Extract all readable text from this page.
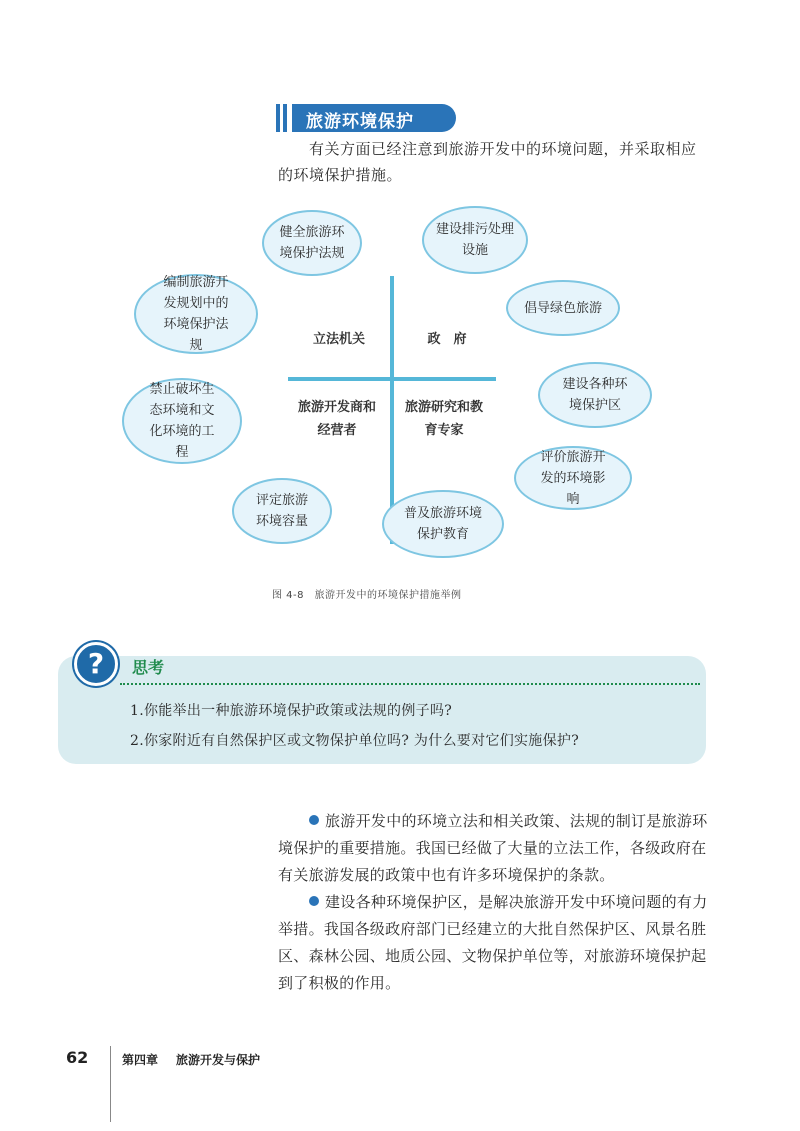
旅游环境保护

有关方面已经注意到旅游开发中的环境问题，并采取相应的环境保护措施。

立法机关	政　府
旅游开发商和经营者
旅游研究和教育专家
健全旅游环境保护法规
建设排污处理设施
编制旅游开发规划中的环境保护法规
倡导绿色旅游
建设各种环境保护区
禁止破坏生态环境和文化环境的工程	评价旅游开发的环境影响
评定旅游环境容量
普及旅游环境保护教育
图 4-8　旅游开发中的环境保护措施举例
?	思考
1.你能举出一种旅游环境保护政策或法规的例子吗?
2.你家附近有自然保护区或文物保护单位吗? 为什么要对它们实施保护?

旅游开发中的环境立法和相关政策、法规的制订是旅游环境保护的重要措施。我国已经做了大量的立法工作，各级政府在有关旅游发展的政策中也有许多环境保护的条款。

建设各种环境保护区，是解决旅游开发中环境问题的有力举措。我国各级政府部门已经建立的大批自然保护区、风景名胜区、森林公园、地质公园、文物保护单位等，对旅游环境保护起到了积极的作用。

62	第四章 旅游开发与保护
